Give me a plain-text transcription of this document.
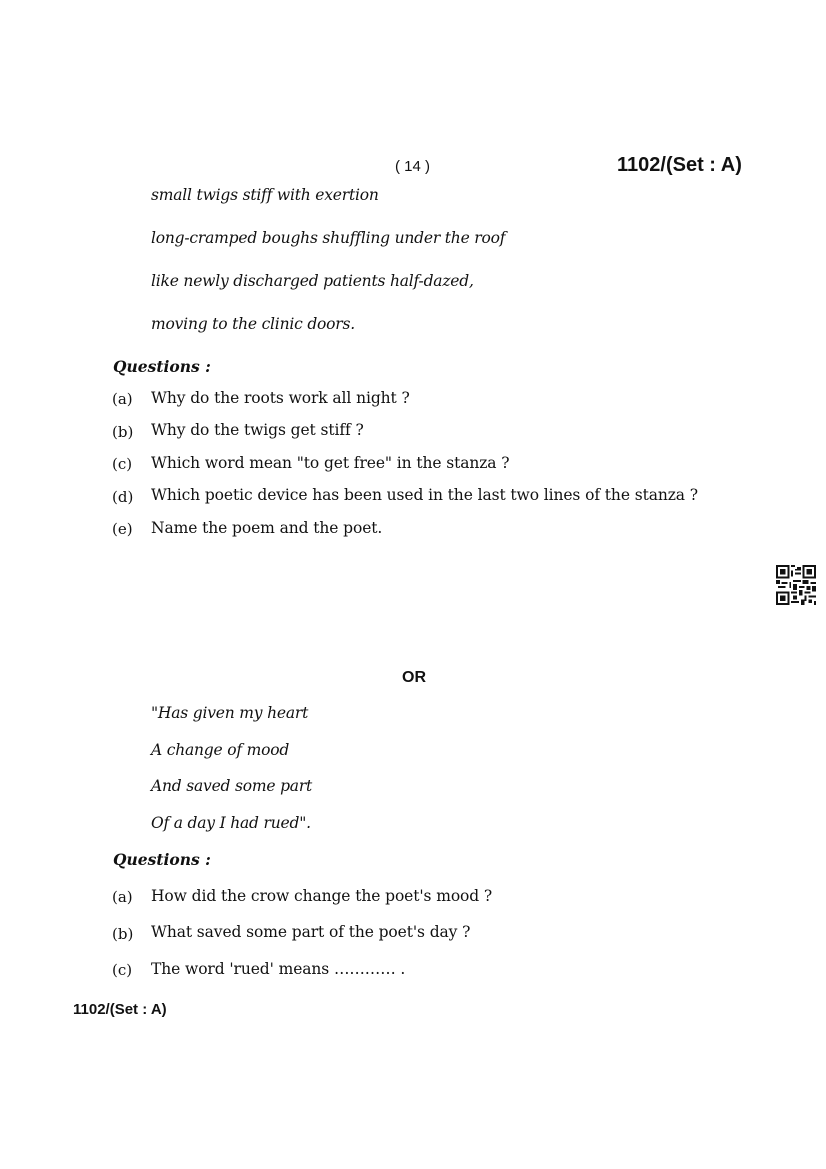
( 14 )	1102/(Set : A)
small twigs stiff with exertion
long-cramped boughs shuffling under the roof
like newly discharged patients half-dazed,
moving to the clinic doors.
Questions :
(a) Why do the roots work all night ?
(b) Why do the twigs get stiff ?
(c) Which word mean "to get free" in the stanza ?
(d) Which poetic device has been used in the last two lines of the stanza ?
(e) Name the poem and the poet.
OR
"Has given my heart
A change of mood
And saved some part
Of a day I had rued".
Questions :
(a) How did the crow change the poet's mood ?
(b) What saved some part of the poet's day ?
(c) The word 'rued' means ………… .
1102/(Set : A)
